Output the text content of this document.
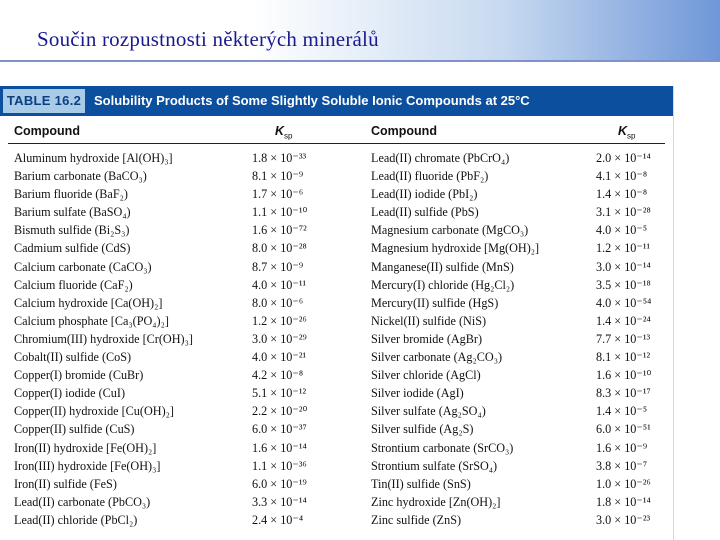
Součin rozpustnosti některých minerálů
TABLE 16.2 Solubility Products of Some Slightly Soluble Ionic Compounds at 25°C
Compound	$K_{sp}$	Compound	$K_{sp}$
Aluminum hydroxide [Al(OH)₃]	1.8 × 10⁻³³	Lead(II) chromate (PbCrO₄)	2.0 × 10⁻¹⁴
Barium carbonate (BaCO₃)	8.1 × 10⁻⁹	Lead(II) fluoride (PbF₂)	4.1 × 10⁻⁸
Barium fluoride (BaF₂)	1.7 × 10⁻⁶	Lead(II) iodide (PbI₂)	1.4 × 10⁻⁸
Barium sulfate (BaSO₄)	1.1 × 10⁻¹⁰	Lead(II) sulfide (PbS)	3.1 × 10⁻²⁸
Bismuth sulfide (Bi₂S₃)	1.6 × 10⁻⁷²	Magnesium carbonate (MgCO₃)	4.0 × 10⁻⁵
Cadmium sulfide (CdS)	8.0 × 10⁻²⁸	Magnesium hydroxide [Mg(OH)₂]	1.2 × 10⁻¹¹
Calcium carbonate (CaCO₃)	8.7 × 10⁻⁹	Manganese(II) sulfide (MnS)	3.0 × 10⁻¹⁴
Calcium fluoride (CaF₂)	4.0 × 10⁻¹¹	Mercury(I) chloride (Hg₂Cl₂)	3.5 × 10⁻¹⁸
Calcium hydroxide [Ca(OH)₂]	8.0 × 10⁻⁶	Mercury(II) sulfide (HgS)	4.0 × 10⁻⁵⁴
Calcium phosphate [Ca₃(PO₄)₂]	1.2 × 10⁻²⁶	Nickel(II) sulfide (NiS)	1.4 × 10⁻²⁴
Chromium(III) hydroxide [Cr(OH)₃]	3.0 × 10⁻²⁹	Silver bromide (AgBr)	7.7 × 10⁻¹³
Cobalt(II) sulfide (CoS)	4.0 × 10⁻²¹	Silver carbonate (Ag₂CO₃)	8.1 × 10⁻¹²
Copper(I) bromide (CuBr)	4.2 × 10⁻⁸	Silver chloride (AgCl)	1.6 × 10⁻¹⁰
Copper(I) iodide (CuI)	5.1 × 10⁻¹²	Silver iodide (AgI)	8.3 × 10⁻¹⁷
Copper(II) hydroxide [Cu(OH)₂]	2.2 × 10⁻²⁰	Silver sulfate (Ag₂SO₄)	1.4 × 10⁻⁵
Copper(II) sulfide (CuS)	6.0 × 10⁻³⁷	Silver sulfide (Ag₂S)	6.0 × 10⁻⁵¹
Iron(II) hydroxide [Fe(OH)₂]	1.6 × 10⁻¹⁴	Strontium carbonate (SrCO₃)	1.6 × 10⁻⁹
Iron(III) hydroxide [Fe(OH)₃]	1.1 × 10⁻³⁶	Strontium sulfate (SrSO₄)	3.8 × 10⁻⁷
Iron(II) sulfide (FeS)	6.0 × 10⁻¹⁹	Tin(II) sulfide (SnS)	1.0 × 10⁻²⁶
Lead(II) carbonate (PbCO₃)	3.3 × 10⁻¹⁴	Zinc hydroxide [Zn(OH)₂]	1.8 × 10⁻¹⁴
Lead(II) chloride (PbCl₂)	2.4 × 10⁻⁴	Zinc sulfide (ZnS)	3.0 × 10⁻²³
